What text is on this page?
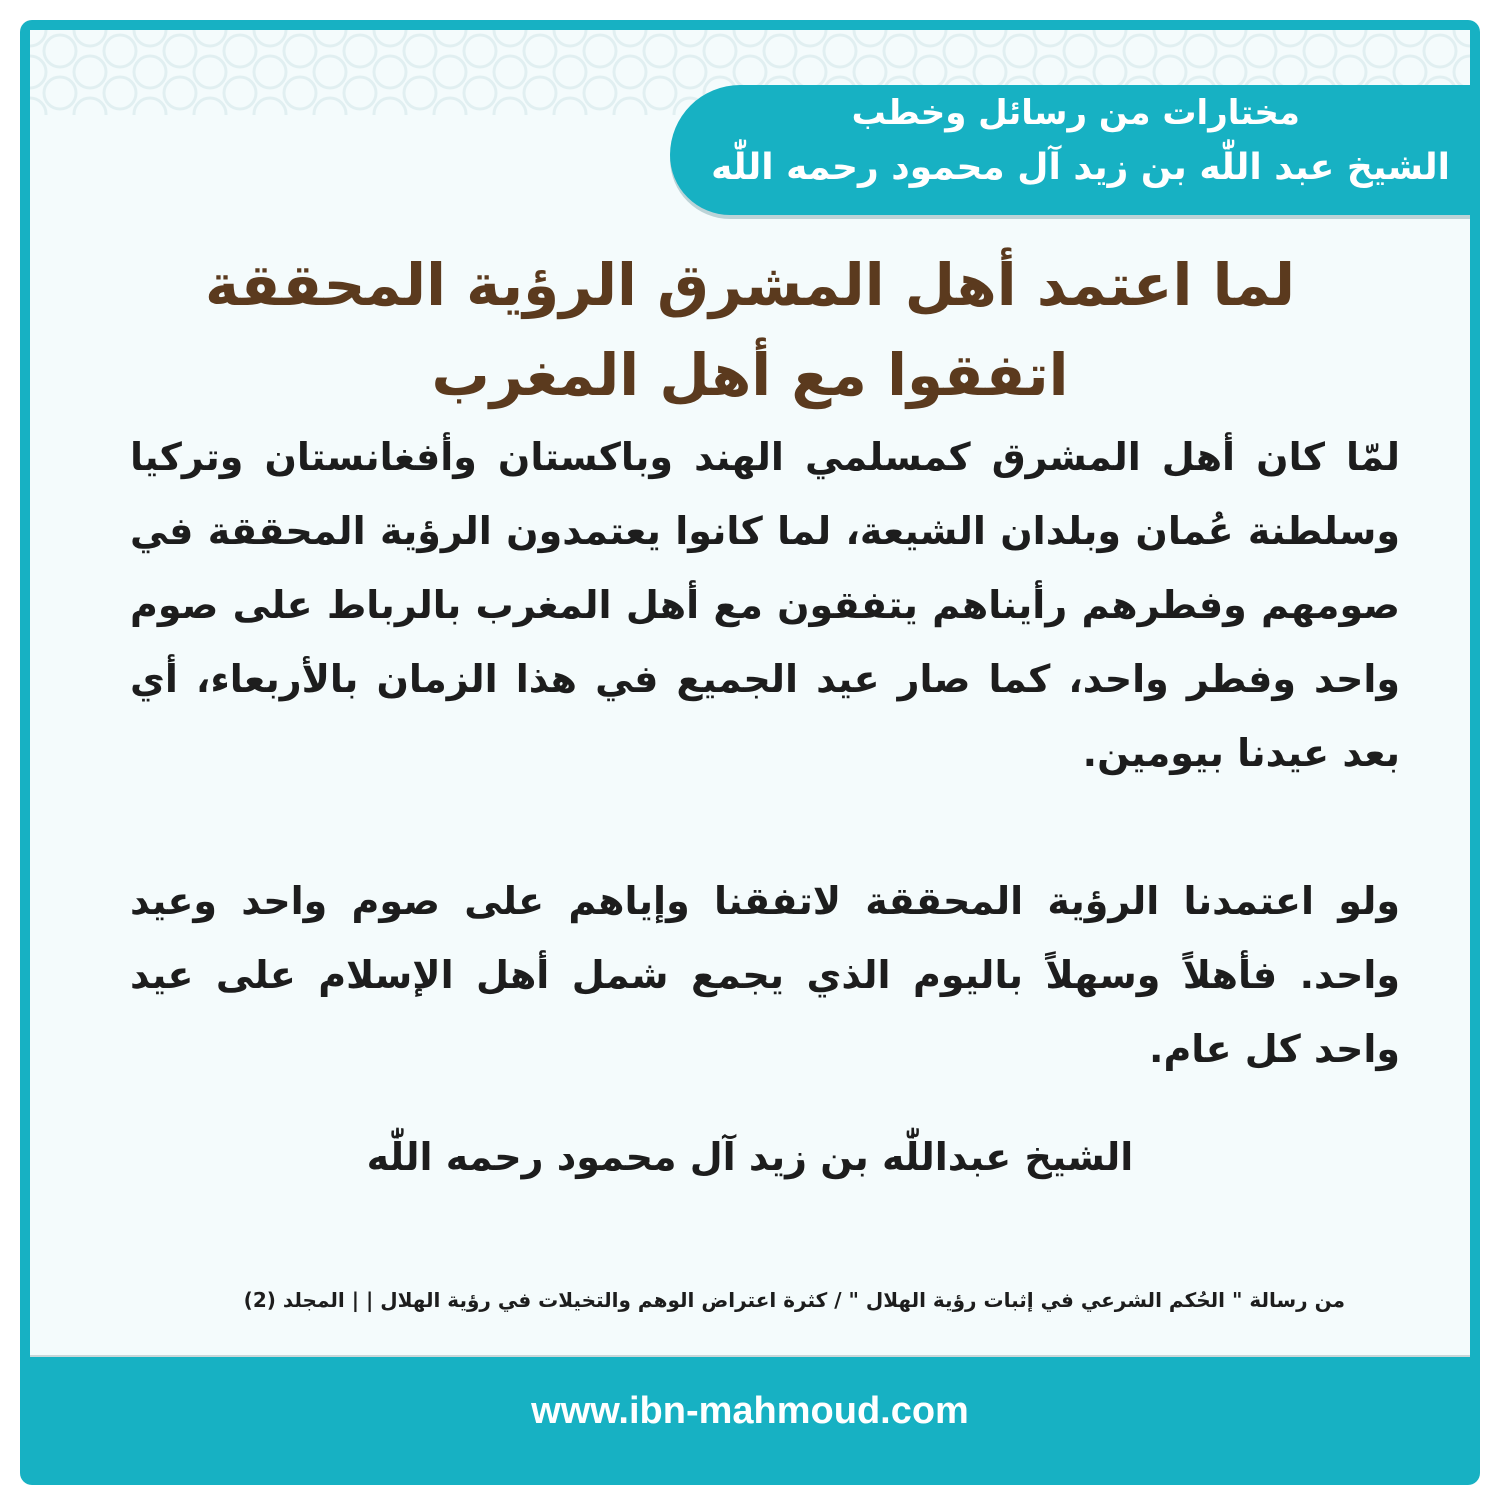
مختارات من رسائل وخطب
الشيخ عبد اللّٰه بن زيد آل محمود رحمه اللّٰه
لما اعتمد أهل المشرق الرؤية المحققة اتفقوا مع أهل المغرب

لمّا كان أهل المشرق كمسلمي الهند وباكستان وأفغانستان وتركيا وسلطنة عُمان وبلدان الشيعة، لما كانوا يعتمدون الرؤية المحققة في صومهم وفطرهم رأيناهم يتفقون مع أهل المغرب بالرباط على صوم واحد وفطر واحد، كما صار عيد الجميع في هذا الزمان بالأربعاء، أي بعد عيدنا بيومين.

ولو اعتمدنا الرؤية المحققة لاتفقنا وإياهم على صوم واحد وعيد واحد. فأهلاً وسهلاً باليوم الذي يجمع شمل أهل الإسلام على عيد واحد كل عام.

الشيخ عبداللّٰه بن زيد آل محمود رحمه اللّٰه
من رسالة " الحُكم الشرعي في إثبات رؤية الهلال " / كثرة اعتراض الوهم والتخيلات في رؤية الهلال | | المجلد (2)
www.ibn-mahmoud.com
